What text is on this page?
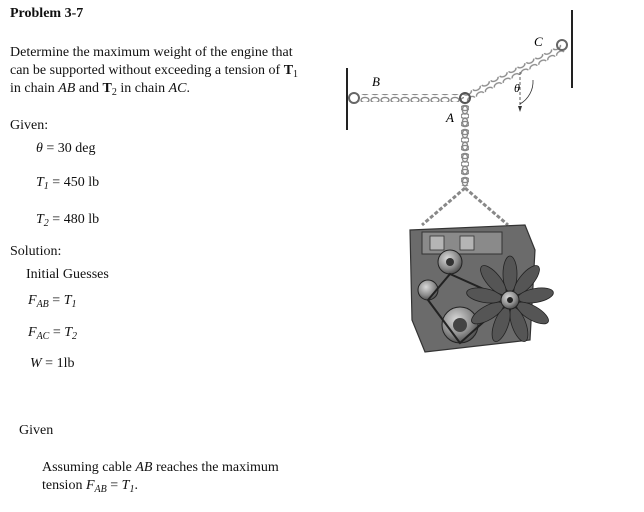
Problem 3-7
Determine the maximum weight of the engine that
can be supported without exceeding a tension of $T_1$
in chain AB and $T_2$ in chain AC.
Given:
θ = 30 deg
$T_1 = 450$ lb
$T_2 = 480$ lb
Solution:
Initial Guesses
$F_{AB} = T_1$
$F_{AC} = T_2$
W = 1lb
Given
Assuming cable AB reaches the maximum
tension $F_{AB} = T_1$.
B
C
A
θ
